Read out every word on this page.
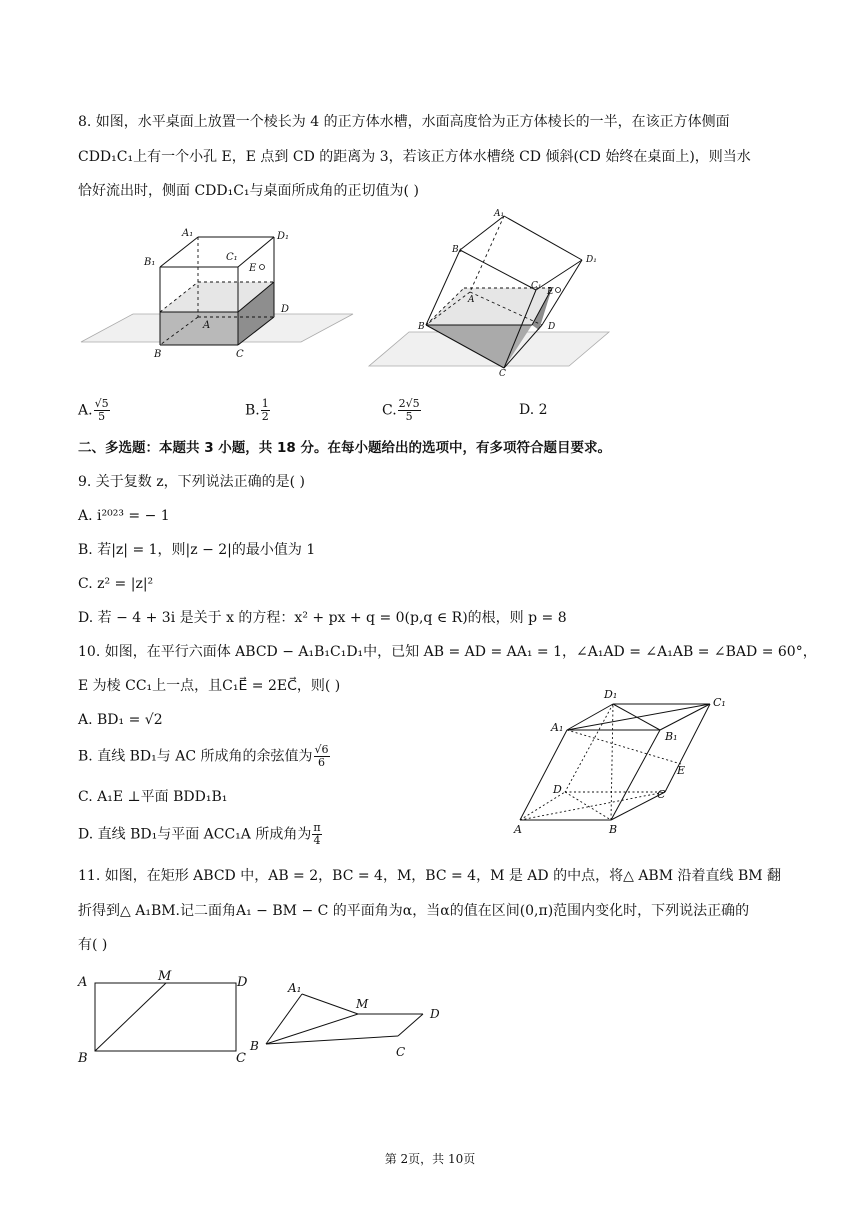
8. 如图，水平桌面上放置一个棱长为 4 的正方体水槽，水面高度恰为正方体棱长的一半，在该正方体侧面
CDD₁C₁上有一个小孔 E，E 点到 CD 的距离为 3，若该正方体水槽绕 CD 倾斜(CD 始终在桌面上)，则当水
恰好流出时，侧面 CDD₁C₁与桌面所成角的正切值为( )
A₁	D₁
B₁	C₁
E
D
A
B	C
A₁
B₁
D₁
C₁
E
A
B	D
C
A. $\frac{√5}{5}$	B. $\frac{1}{2}$	C. $\frac{2√5}{5}$	D. 2
二、多选题：本题共 3 小题，共 18 分。在每小题给出的选项中，有多项符合题目要求。
9. 关于复数 z，下列说法正确的是( )
A. i²⁰²³ = − 1
B. 若|z| = 1，则|z − 2|的最小值为 1
C. z² = |z|²
D. 若 − 4 + 3i 是关于 x 的方程：x² + px + q = 0(p,q ∈ R)的根，则 p = 8
10. 如图，在平行六面体 ABCD − A₁B₁C₁D₁中，已知 AB = AD = AA₁ = 1，∠A₁AD = ∠A₁AB = ∠BAD = 60°，
E 为棱 CC₁上一点，且C₁E⃗ = 2EC⃗，则( )
A. BD₁ = √2
B. 直线 BD₁与 AC 所成角的余弦值为 $\frac{√6}{6}$
C. A₁E ⊥平面 BDD₁B₁
D. 直线 BD₁与平面 ACC₁A 所成角为 $\frac{\pi}{4}$
D₁
C₁
A₁
B₁
E
D	C
A	B
11. 如图，在矩形 ABCD 中，AB = 2，BC = 4，M，BC = 4，M 是 AD 的中点，将△ ABM 沿着直线 BM 翻
折得到△ A₁BM.记二面角A₁ − BM − C 的平面角为α，当α的值在区间(0,π)范围内变化时，下列说法正确的
有( )
A	M	D
B	C
A₁
M
D
B	C
第 2页，共 10页
